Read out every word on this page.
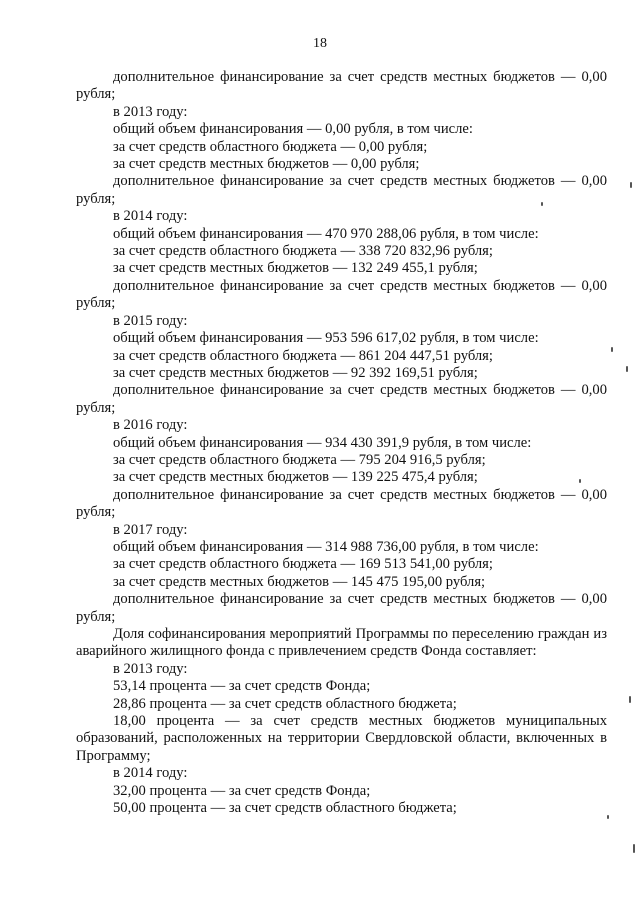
18

дополнительное финансирование за счет средств местных бюджетов — 0,00 рубля;

в 2013 году:

общий объем финансирования — 0,00 рубля, в том числе:

за счет средств областного бюджета — 0,00 рубля;

за счет средств местных бюджетов — 0,00 рубля;

дополнительное финансирование за счет средств местных бюджетов — 0,00 рубля;

в 2014 году:

общий объем финансирования — 470 970 288,06 рубля, в том числе:

за счет средств областного бюджета — 338 720 832,96 рубля;

за счет средств местных бюджетов — 132 249 455,1 рубля;

дополнительное финансирование за счет средств местных бюджетов — 0,00 рубля;

в 2015 году:

общий объем финансирования — 953 596 617,02 рубля, в том числе:

за счет средств областного бюджета — 861 204 447,51 рубля;

за счет средств местных бюджетов — 92 392 169,51 рубля;

дополнительное финансирование за счет средств местных бюджетов — 0,00 рубля;

в 2016 году:

общий объем финансирования — 934 430 391,9 рубля, в том числе:

за счет средств областного бюджета — 795 204 916,5 рубля;

за счет средств местных бюджетов — 139 225 475,4 рубля;

дополнительное финансирование за счет средств местных бюджетов — 0,00 рубля;

в 2017 году:

общий объем финансирования — 314 988 736,00 рубля, в том числе:

за счет средств областного бюджета — 169 513 541,00 рубля;

за счет средств местных бюджетов — 145 475 195,00 рубля;

дополнительное финансирование за счет средств местных бюджетов — 0,00 рубля;

Доля софинансирования мероприятий Программы по переселению граждан из аварийного жилищного фонда с привлечением средств Фонда составляет:

в 2013 году:

53,14 процента — за счет средств Фонда;

28,86 процента — за счет средств областного бюджета;

18,00 процента — за счет средств местных бюджетов муниципальных образований, расположенных на территории Свердловской области, включенных в Программу;

в 2014 году:

32,00 процента — за счет средств Фонда;

50,00 процента — за счет средств областного бюджета;
